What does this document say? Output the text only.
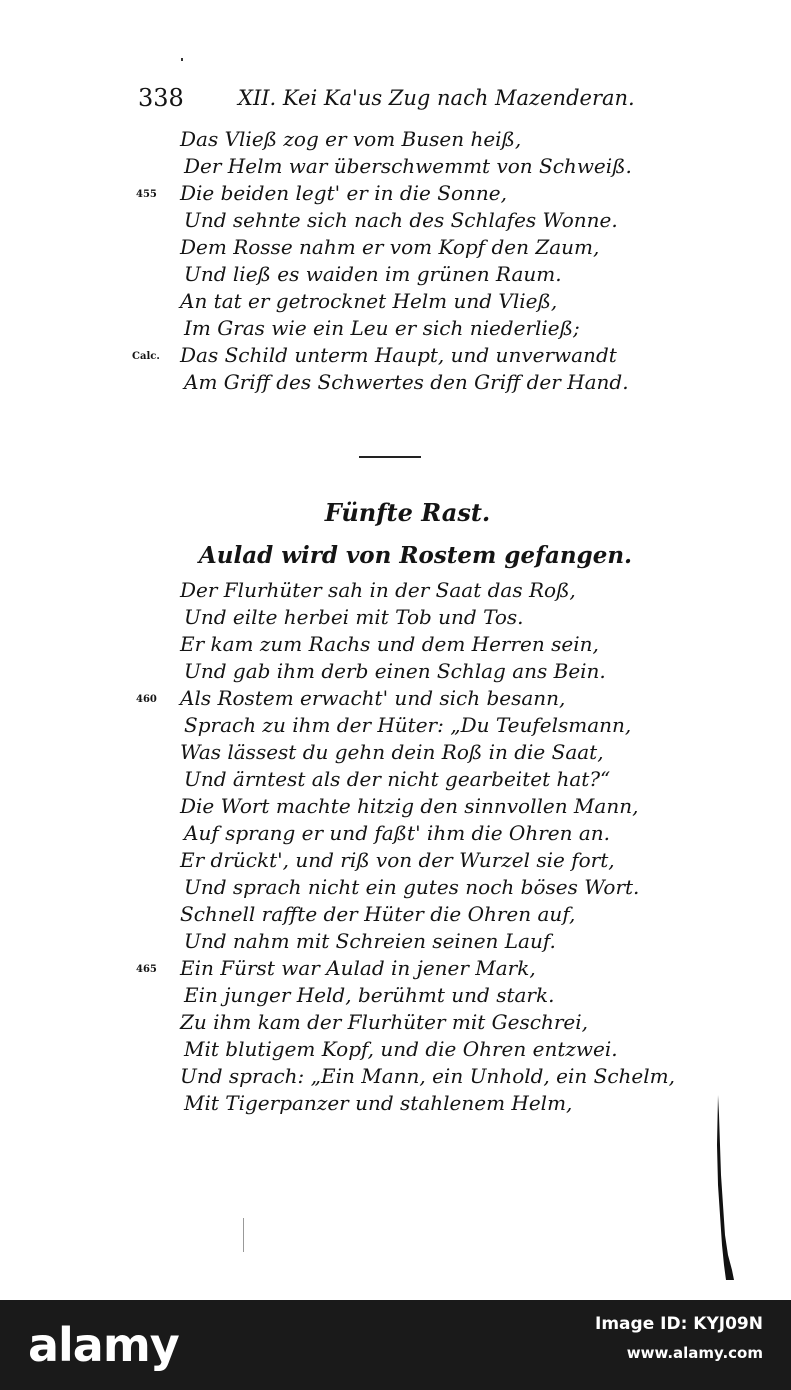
338	XII. Kei Ka'us Zug nach Mazenderan.
Das Vließ zog er vom Busen heiß,
Der Helm war überschwemmt von Schweiß.
455 Die beiden legt' er in die Sonne,
Und sehnte sich nach des Schlafes Wonne.
Dem Rosse nahm er vom Kopf den Zaum,
Und ließ es waiden im grünen Raum.
An tat er getrocknet Helm und Vließ,
Im Gras wie ein Leu er sich niederließ;
Calc. Das Schild unterm Haupt, und unverwandt
Am Griff des Schwertes den Griff der Hand.
Fünfte Rast.
Aulad wird von Rostem gefangen.
Der Flurhüter sah in der Saat das Roß,
Und eilte herbei mit Tob und Tos.
Er kam zum Rachs und dem Herren sein,
Und gab ihm derb einen Schlag ans Bein.
460 Als Rostem erwacht' und sich besann,
Sprach zu ihm der Hüter: „Du Teufelsmann,
Was lässest du gehn dein Roß in die Saat,
Und ärntest als der nicht gearbeitet hat?“
Die Wort machte hitzig den sinnvollen Mann,
Auf sprang er und faßt' ihm die Ohren an.
Er drückt', und riß von der Wurzel sie fort,
Und sprach nicht ein gutes noch böses Wort.
Schnell raffte der Hüter die Ohren auf,
Und nahm mit Schreien seinen Lauf.
465 Ein Fürst war Aulad in jener Mark,
Ein junger Held, berühmt und stark.
Zu ihm kam der Flurhüter mit Geschrei,
Mit blutigem Kopf, und die Ohren entzwei.
Und sprach: „Ein Mann, ein Unhold, ein Schelm,
Mit Tigerpanzer und stahlenem Helm,
alamy	Image ID: KYJ09N
www.alamy.com
